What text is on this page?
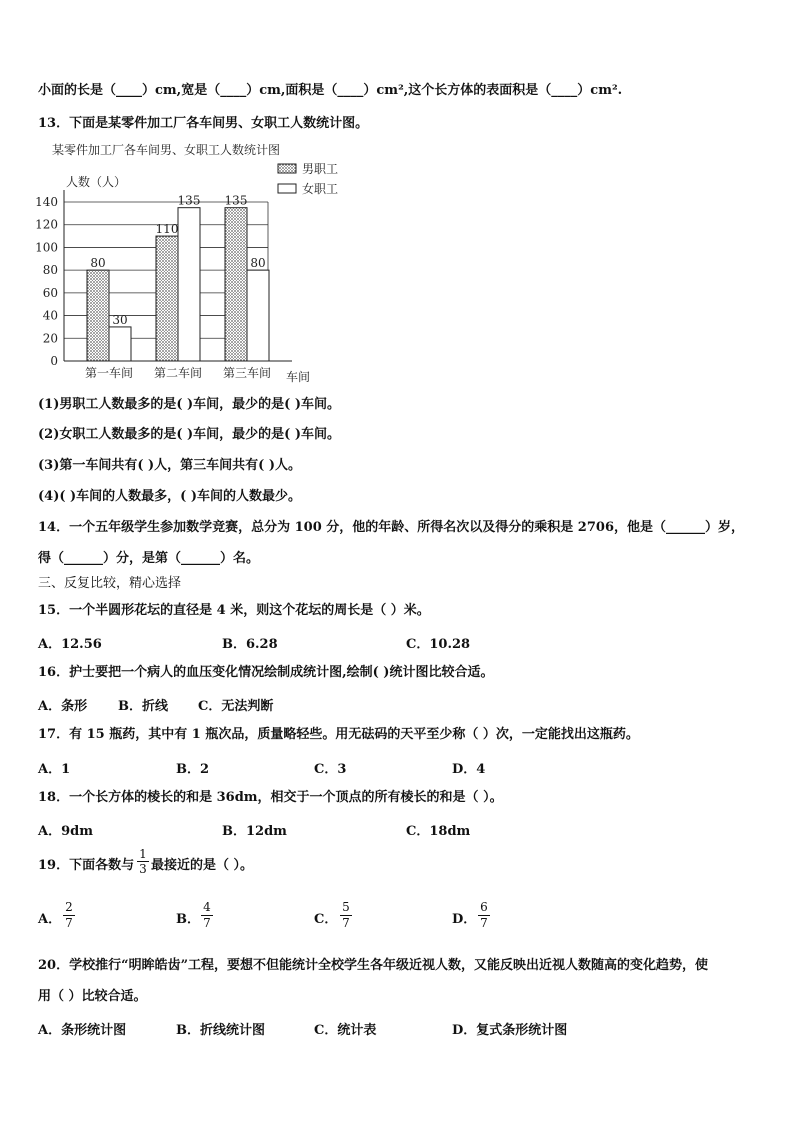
小面的长是（____）cm,宽是（____）cm,面积是（____）cm²,这个长方体的表面积是（____）cm².
13．下面是某零件加工厂各车间男、女职工人数统计图。
某零件加工厂各车间男、女职工人数统计图
人数（人）
男职工
女职工
80
30
110
135 135
80
0
20
40
60
80
100
120
140
第一车间 第二车间 第三车间 车间
(1)男职工人数最多的是( )车间，最少的是( )车间。
(2)女职工人数最多的是( )车间，最少的是( )车间。
(3)第一车间共有( )人，第三车间共有( )人。
(4)( )车间的人数最多，( )车间的人数最少。
14．一个五年级学生参加数学竞赛，总分为 100 分，他的年龄、所得名次以及得分的乘积是 2706，他是（______）岁，
得（______）分，是第（______）名。
三、反复比较，精心选择
15．一个半圆形花坛的直径是 4 米，则这个花坛的周长是（ ）米。
A．12.56	B．6.28	C．10.28
16．护士要把一个病人的血压变化情况绘制成统计图,绘制( )统计图比较合适。
A．条形 B．折线 C．无法判断
17．有 15 瓶药，其中有 1 瓶次品，质量略轻些。用无砝码的天平至少称（ ）次，一定能找出这瓶药。
A．1	B．2	C．3	D．4
18．一个长方体的棱长的和是 36dm，相交于一个顶点的所有棱长的和是（ ）。
A．9dm	B．12dm	C．18dm
19．下面各数与
1
3 最接近的是（ ）。
A．	B．	C．	D．
2
7
4
7
5
7
6
7
20．学校推行“明眸皓齿”工程，要想不但能统计全校学生各年级近视人数，又能反映出近视人数随高的变化趋势，使
用（ ）比较合适。
A．条形统计图	B．折线统计图	C．统计表	D．复式条形统计图
